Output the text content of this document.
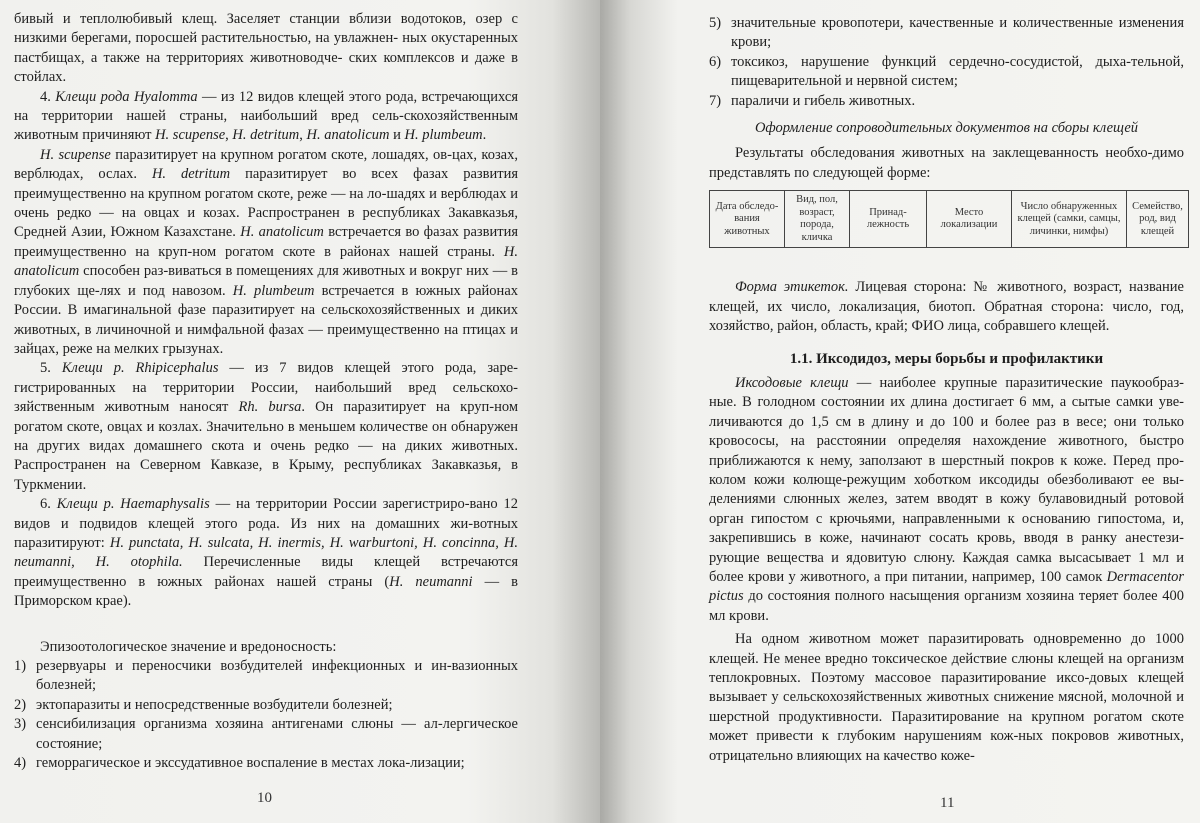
бивый и теплолюбивый клещ. Заселяет станции вблизи водотоков, озер с низкими берегами, поросшей растительностью, на увлажнен- ных окустаренных пастбищах, а также на территориях животноводче- ских комплексов и даже в стойлах.

4. Клещи рода Hyalomma — из 12 видов клещей этого рода, встречающихся на территории нашей страны, наибольший вред сель-скохозяйственным животным причиняют H. scupense, H. detritum, H. anatolicum и H. plumbeum.

H. scupense паразитирует на крупном рогатом скоте, лошадях, ов-цах, козах, верблюдах, ослах. H. detritum паразитирует во всех фазах развития преимущественно на крупном рогатом скоте, реже — на ло-шадях и верблюдах и очень редко — на овцах и козах. Распространен в республиках Закавказья, Средней Азии, Южном Казахстане. H. anatolicum встречается во фазах развития преимущественно на круп-ном рогатом скоте в районах нашей страны. H. anatolicum способен раз-виваться в помещениях для животных и вокруг них — в глубоких ще-лях и под навозом. H. plumbeum встречается в южных районах России. В имагинальной фазе паразитирует на сельскохозяйственных и диких животных, в личиночной и нимфальной фазах — преимущественно на птицах и зайцах, реже на мелких грызунах.

5. Клещи р. Rhipicephalus — из 7 видов клещей этого рода, заре-гистрированных на территории России, наибольший вред сельскохо-зяйственным животным наносят Rh. bursa. Он паразитирует на круп-ном рогатом скоте, овцах и козлах. Значительно в меньшем количестве он обнаружен на других видах домашнего скота и очень редко — на диких животных. Распространен на Северном Кавказе, в Крыму, республиках Закавказья, в Туркмении.

6. Клещи р. Haemaphysalis — на территории России зарегистриро-вано 12 видов и подвидов клещей этого рода. Из них на домашних жи-вотных паразитируют: H. punctata, H. sulcata, H. inermis, H. warburtoni, H. concinna, H. neumanni, H. otophila. Перечисленные виды клещей встречаются преимущественно в южных районах нашей страны (H. neumanni — в Приморском крае).

Эпизоотологическое значение и вредоносность:

1) резервуары и переносчики возбудителей инфекционных и ин-вазионных болезней;
2) эктопаразиты и непосредственные возбудители болезней;
3) сенсибилизация организма хозяина антигенами слюны — ал-лергическое состояние;
4) геморрагическое и экссудативное воспаление в местах лока-лизации;
10
5) значительные кровопотери, качественные и количественные изменения крови;
6) токсикоз, нарушение функций сердечно-сосудистой, дыха-тельной, пищеварительной и нервной систем;
7) параличи и гибель животных.

Оформление сопроводительных документов на сборы клещей

Результаты обследования животных на заклещеванность необхо-димо представлять по следующей форме:

Дата обследо-вания животных	Вид, пол, возраст, порода, кличка	Принад-лежность	Место локализации	Число обнаруженных клещей (самки, самцы, личинки, нимфы)	Семейство, род, вид клещей

Форма этикеток. Лицевая сторона: № животного, возраст, название клещей, их число, локализация, биотоп. Обратная сторона: число, год, хозяйство, район, область, край; ФИО лица, собравшего клещей.

1.1. Иксодидоз, меры борьбы и профилактики

Иксодовые клещи — наиболее крупные паразитические паукообраз-ные. В голодном состоянии их длина достигает 6 мм, а сытые самки уве-личиваются до 1,5 см в длину и до 100 и более раз в весе; они только кровососы, на расстоянии определяя нахождение животного, быстро приближаются к нему, заползают в шерстный покров к коже. Перед про-колом кожи колюще-режущим хоботком иксодиды обезболивают ее вы-делениями слюнных желез, затем вводят в кожу булавовидный ротовой орган гипостом с крючьями, направленными к основанию гипостома, и, закрепившись в коже, начинают сосать кровь, вводя в ранку анестези-рующие вещества и ядовитую слюну. Каждая самка высасывает 1 мл и более крови у животного, а при питании, например, 100 самок Dermacentor pictus до состояния полного насыщения организм хозяина теряет более 400 мл крови.

На одном животном может паразитировать одновременно до 1000 клещей. Не менее вредно токсическое действие слюны клещей на организм теплокровных. Поэтому массовое паразитирование иксо-довых клещей вызывает у сельскохозяйственных животных снижение мясной, молочной и шерстной продуктивности. Паразитирование на крупном рогатом скоте может привести к глубоким нарушениям кож-ных покровов животных, отрицательно влияющих на качество коже-

11
